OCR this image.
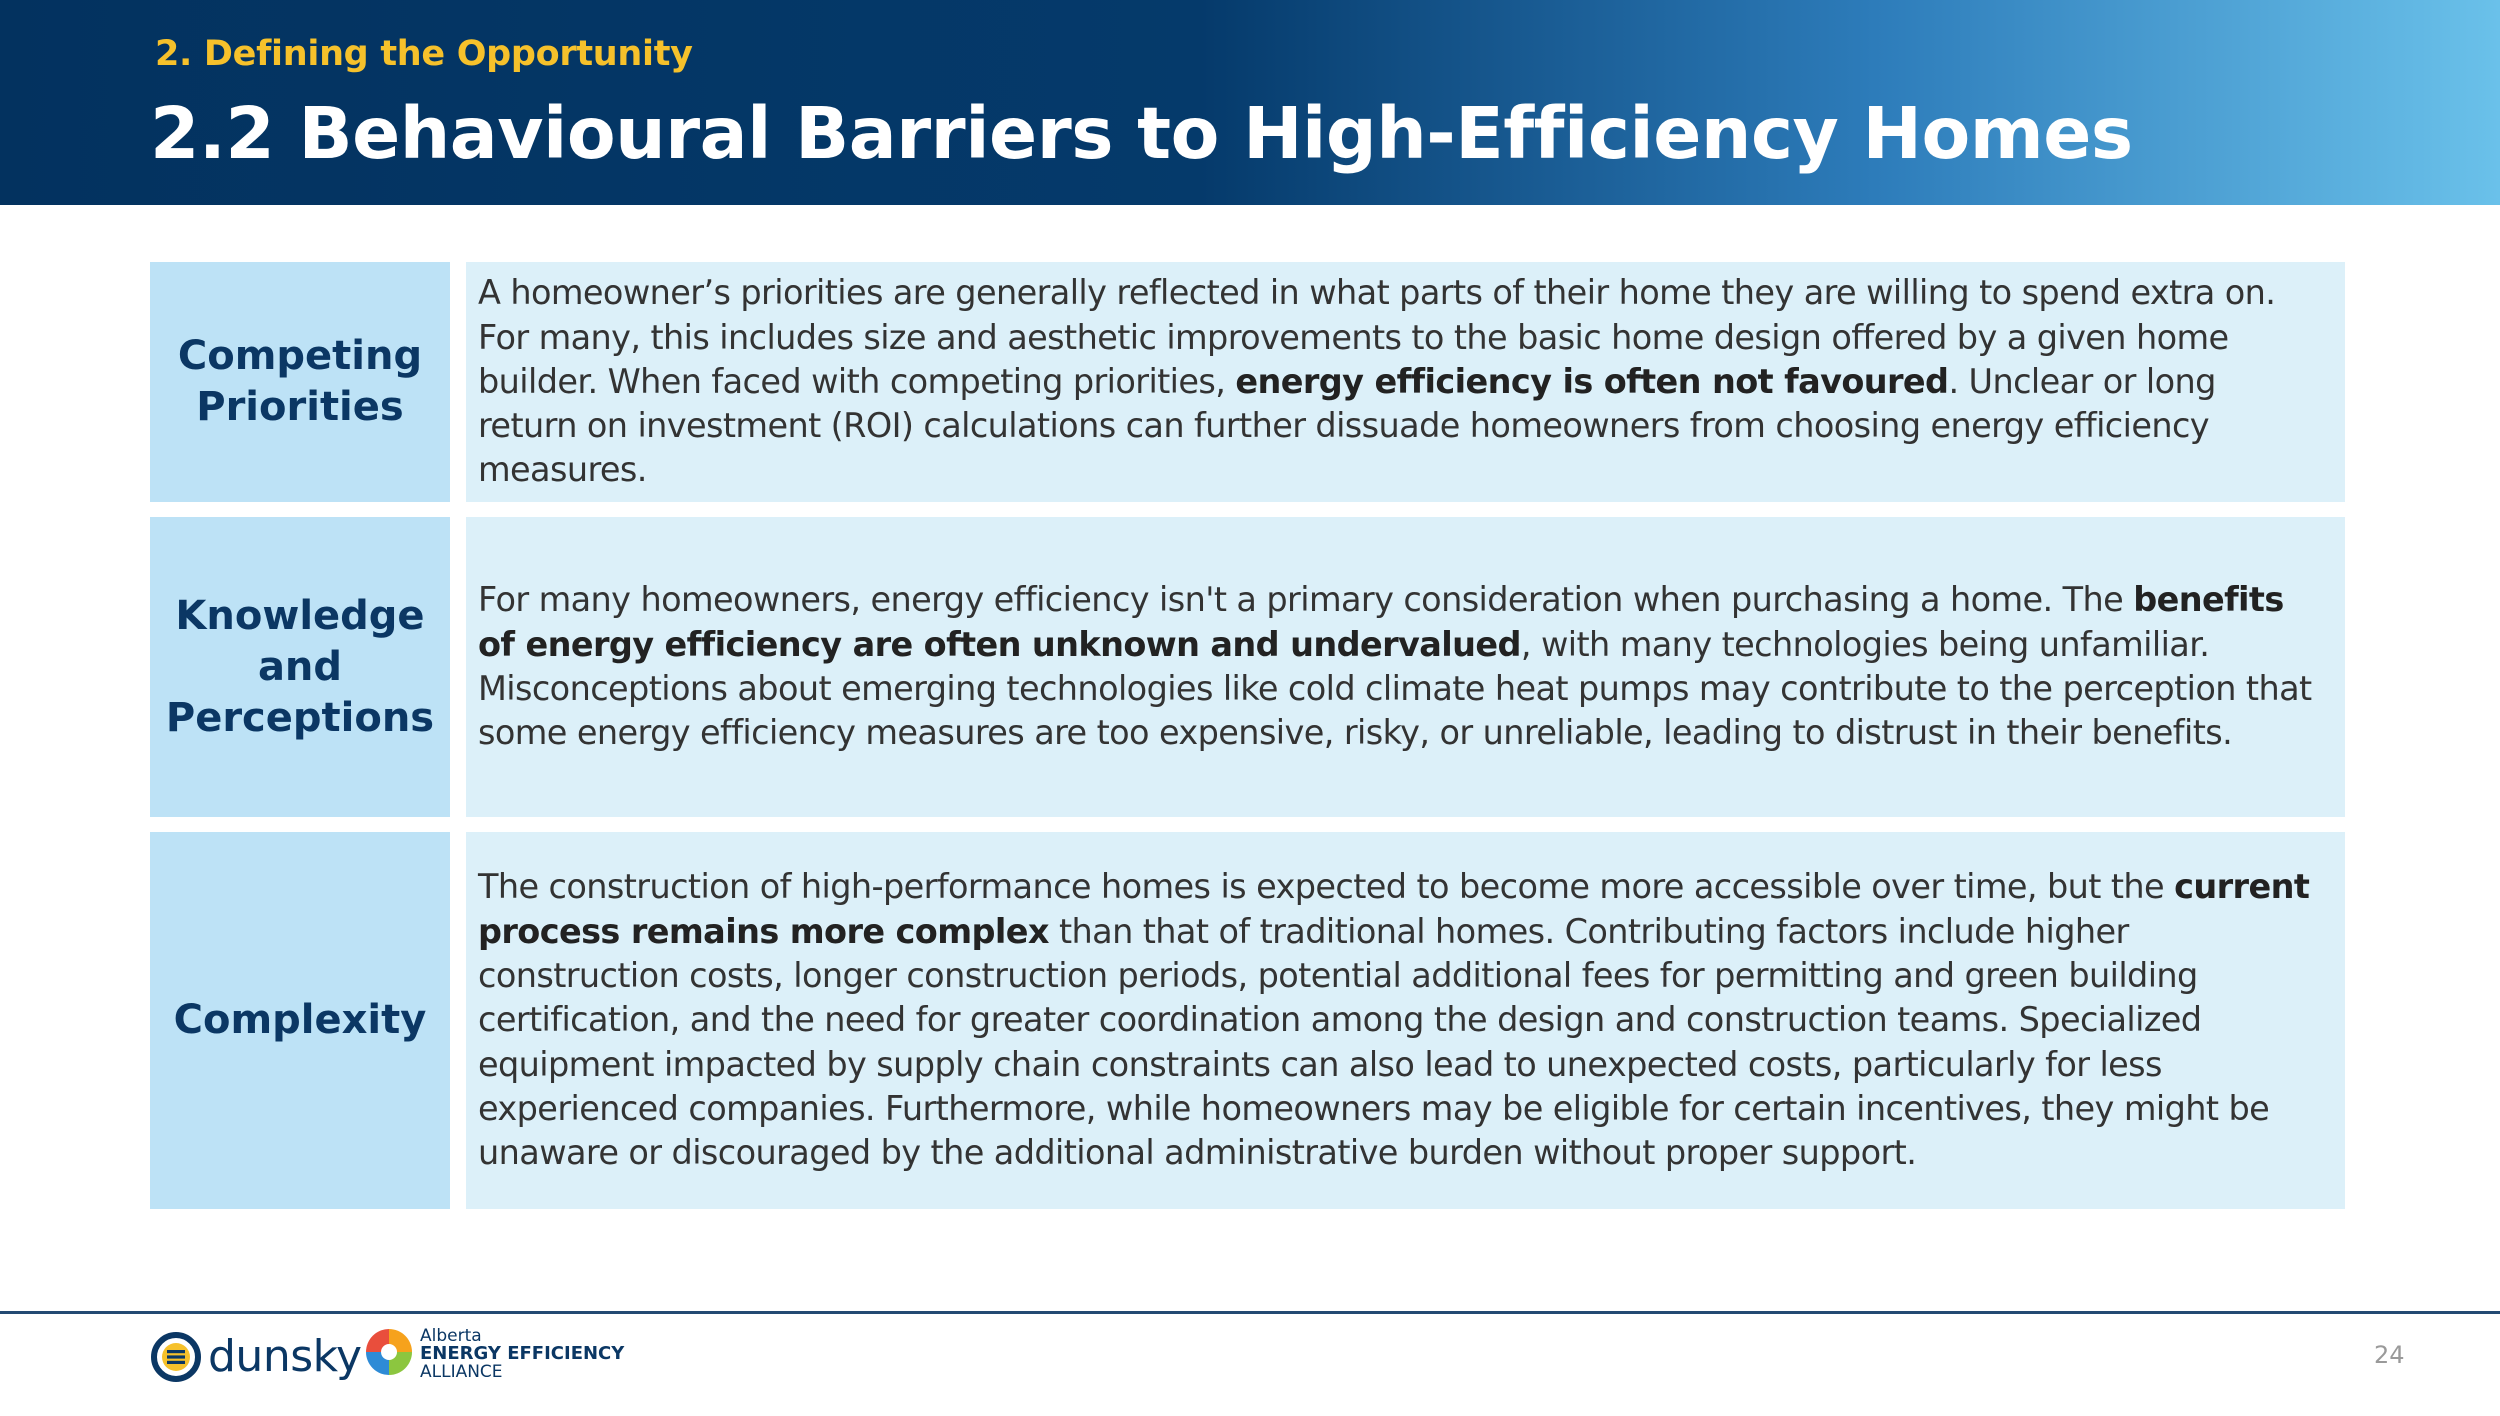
2. Defining the Opportunity
2.2 Behavioural Barriers to High-Efficiency Homes
Competing
Priorities

A homeowner’s priorities are generally reflected in what parts of their home they are willing to spend extra on. For many, this includes size and aesthetic improvements to the basic home design offered by a given home builder. When faced with competing priorities, energy efficiency is often not favoured. Unclear or long return on investment (ROI) calculations can further dissuade homeowners from choosing energy efficiency measures.

Knowledge
and
Perceptions

For many homeowners, energy efficiency isn't a primary consideration when purchasing a home. The benefits of energy efficiency are often unknown and undervalued, with many technologies being unfamiliar. Misconceptions about emerging technologies like cold climate heat pumps may contribute to the perception that some energy efficiency measures are too expensive, risky, or unreliable, leading to distrust in their benefits.

Complexity

The construction of high-performance homes is expected to become more accessible over time, but the current process remains more complex than that of traditional homes. Contributing factors include higher construction costs, longer construction periods, potential additional fees for permitting and green building certification, and the need for greater coordination among the design and construction teams. Specialized equipment impacted by supply chain constraints can also lead to unexpected costs, particularly for less experienced companies. Furthermore, while homeowners may be eligible for certain incentives, they might be unaware or discouraged by the additional administrative burden without proper support.

dunsky	Alberta
ENERGY EFFICIENCY
ALLIANCE
24
